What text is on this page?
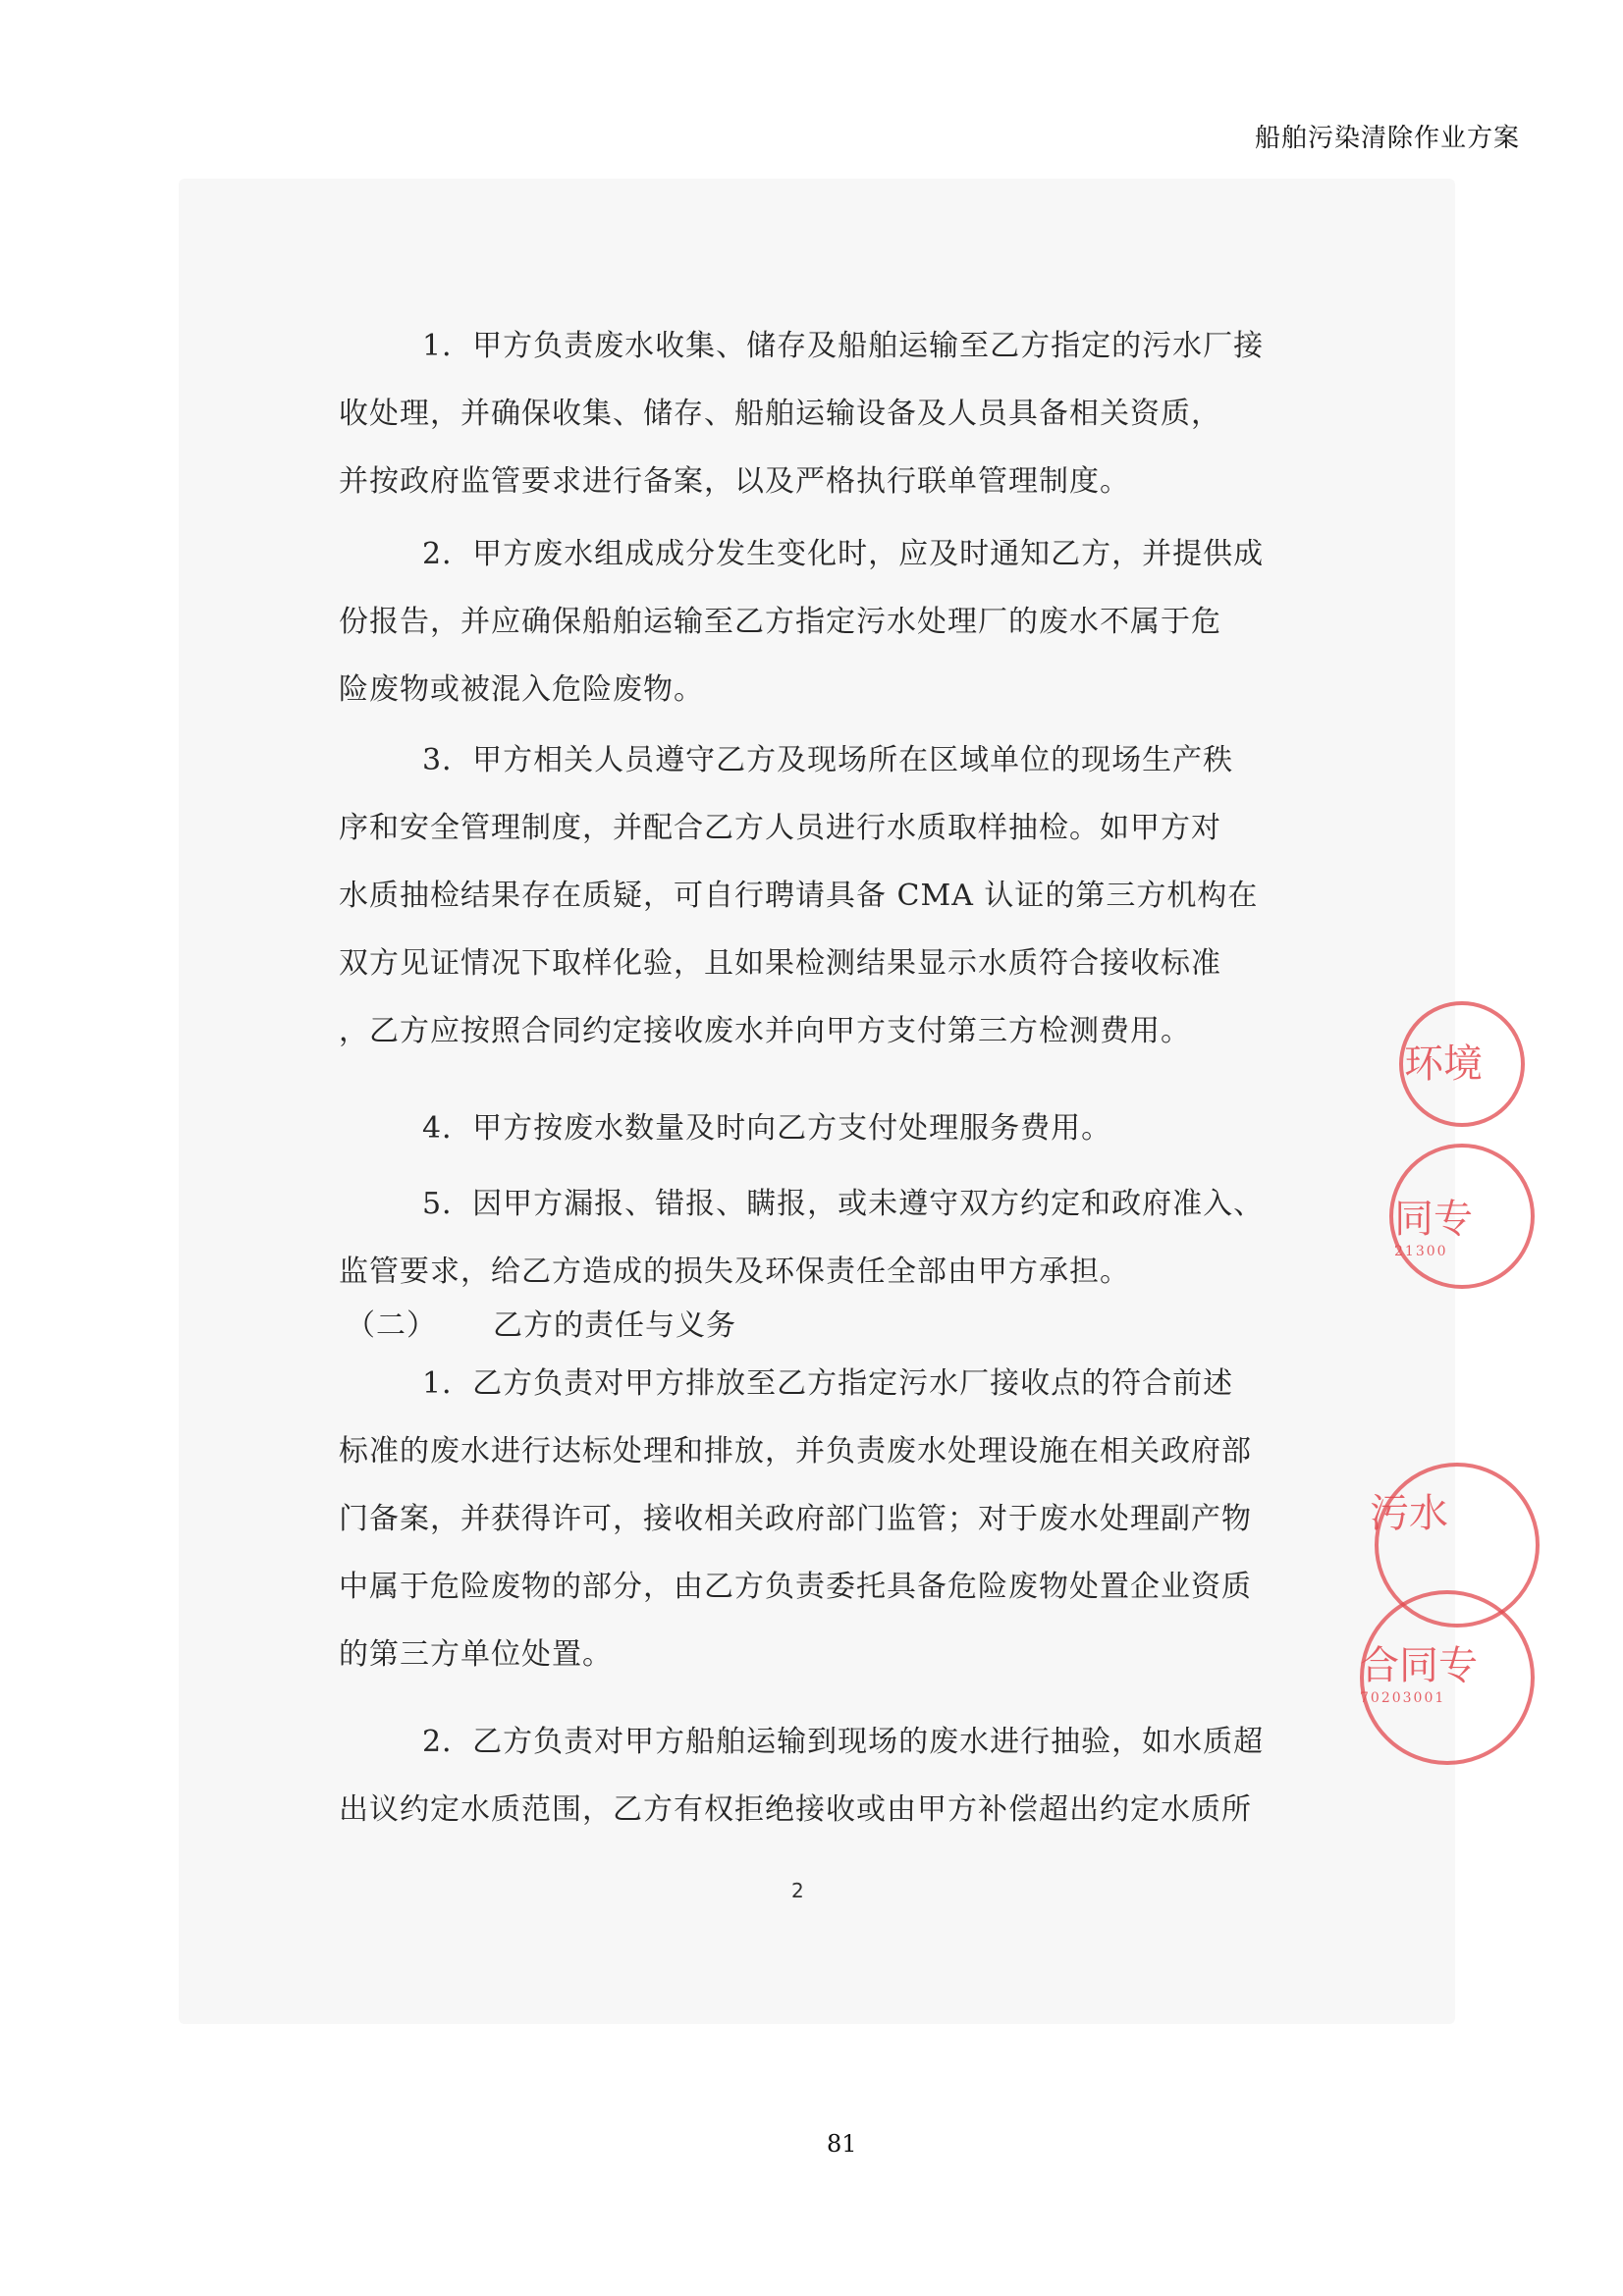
船舶污染清除作业方案

1．甲方负责废水收集、储存及船舶运输至乙方指定的污水厂接
收处理，并确保收集、储存、船舶运输设备及人员具备相关资质，
并按政府监管要求进行备案，以及严格执行联单管理制度。

2．甲方废水组成成分发生变化时，应及时通知乙方，并提供成
份报告，并应确保船舶运输至乙方指定污水处理厂的废水不属于危
险废物或被混入危险废物。

3．甲方相关人员遵守乙方及现场所在区域单位的现场生产秩
序和安全管理制度，并配合乙方人员进行水质取样抽检。如甲方对
水质抽检结果存在质疑，可自行聘请具备 CMA 认证的第三方机构在
双方见证情况下取样化验，且如果检测结果显示水质符合接收标准
，乙方应按照合同约定接收废水并向甲方支付第三方检测费用。

4．甲方按废水数量及时向乙方支付处理服务费用。

5．因甲方漏报、错报、瞒报，或未遵守双方约定和政府准入、
监管要求，给乙方造成的损失及环保责任全部由甲方承担。

（二） 乙方的责任与义务

1．乙方负责对甲方排放至乙方指定污水厂接收点的符合前述
标准的废水进行达标处理和排放，并负责废水处理设施在相关政府部
门备案，并获得许可，接收相关政府部门监管；对于废水处理副产物
中属于危险废物的部分，由乙方负责委托具备危险废物处置企业资质
的第三方单位处置。

2．乙方负责对甲方船舶运输到现场的废水进行抽验，如水质超
出议约定水质范围，乙方有权拒绝接收或由甲方补偿超出约定水质所

2
环境
同专
21300
污水
合同专
70203001
81
